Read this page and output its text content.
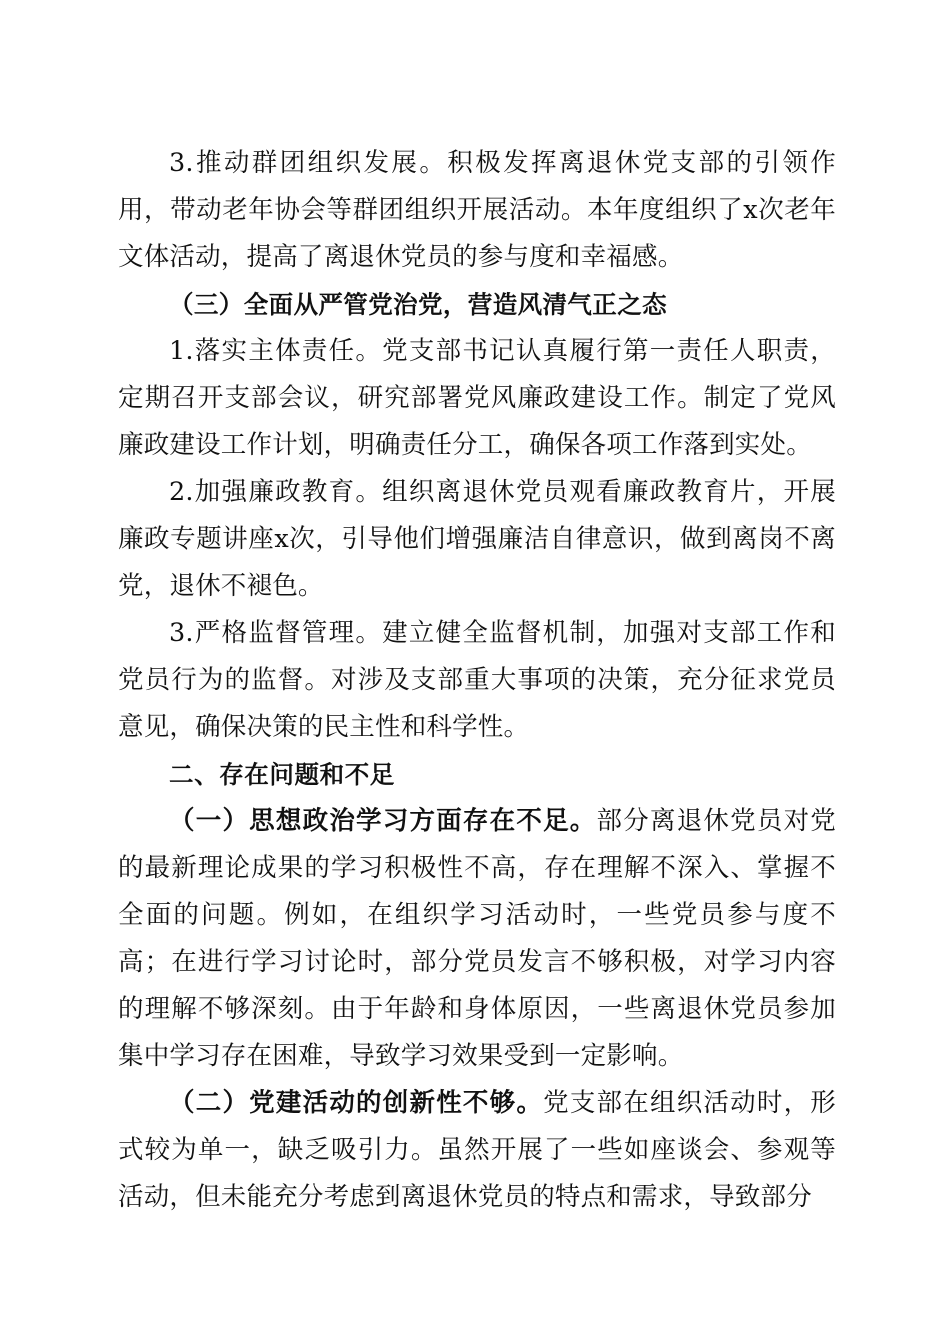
3.推动群团组织发展。积极发挥离退休党支部的引领作用，带动老年协会等群团组织开展活动。本年度组织了x次老年文体活动，提高了离退休党员的参与度和幸福感。

（三）全面从严管党治党，营造风清气正之态

1.落实主体责任。党支部书记认真履行第一责任人职责，定期召开支部会议，研究部署党风廉政建设工作。制定了党风廉政建设工作计划，明确责任分工，确保各项工作落到实处。

2.加强廉政教育。组织离退休党员观看廉政教育片，开展廉政专题讲座x次，引导他们增强廉洁自律意识，做到离岗不离党，退休不褪色。

3.严格监督管理。建立健全监督机制，加强对支部工作和党员行为的监督。对涉及支部重大事项的决策，充分征求党员意见，确保决策的民主性和科学性。

二、存在问题和不足

（一）思想政治学习方面存在不足。部分离退休党员对党的最新理论成果的学习积极性不高，存在理解不深入、掌握不全面的问题。例如，在组织学习活动时，一些党员参与度不高；在进行学习讨论时，部分党员发言不够积极，对学习内容的理解不够深刻。由于年龄和身体原因，一些离退休党员参加集中学习存在困难，导致学习效果受到一定影响。

（二）党建活动的创新性不够。党支部在组织活动时，形式较为单一，缺乏吸引力。虽然开展了一些如座谈会、参观等活动，但未能充分考虑到离退休党员的特点和需求，导致部分
